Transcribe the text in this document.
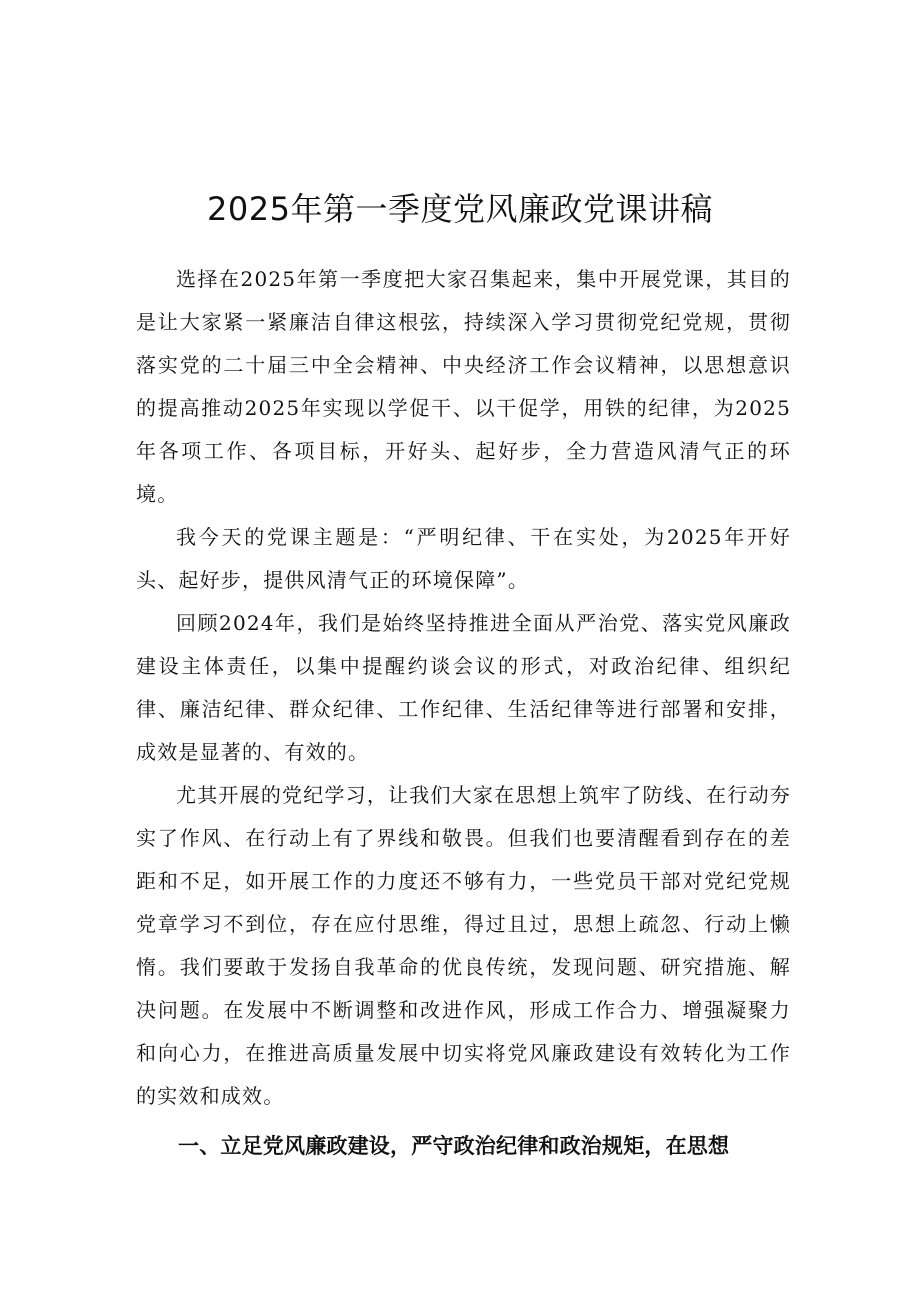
2025年第一季度党风廉政党课讲稿

选择在2025年第一季度把大家召集起来，集中开展党课，其目的是让大家紧一紧廉洁自律这根弦，持续深入学习贯彻党纪党规，贯彻落实党的二十届三中全会精神、中央经济工作会议精神，以思想意识的提高推动2025年实现以学促干、以干促学，用铁的纪律，为2025年各项工作、各项目标，开好头、起好步，全力营造风清气正的环境。

我今天的党课主题是：“严明纪律、干在实处，为2025年开好头、起好步，提供风清气正的环境保障”。

回顾2024年，我们是始终坚持推进全面从严治党、落实党风廉政建设主体责任，以集中提醒约谈会议的形式，对政治纪律、组织纪律、廉洁纪律、群众纪律、工作纪律、生活纪律等进行部署和安排，成效是显著的、有效的。

尤其开展的党纪学习，让我们大家在思想上筑牢了防线、在行动夯实了作风、在行动上有了界线和敬畏。但我们也要清醒看到存在的差距和不足，如开展工作的力度还不够有力，一些党员干部对党纪党规党章学习不到位，存在应付思维，得过且过，思想上疏忽、行动上懒惰。我们要敢于发扬自我革命的优良传统，发现问题、研究措施、解决问题。在发展中不断调整和改进作风，形成工作合力、增强凝聚力和向心力，在推进高质量发展中切实将党风廉政建设有效转化为工作的实效和成效。

一、立足党风廉政建设，严守政治纪律和政治规矩，在思想
